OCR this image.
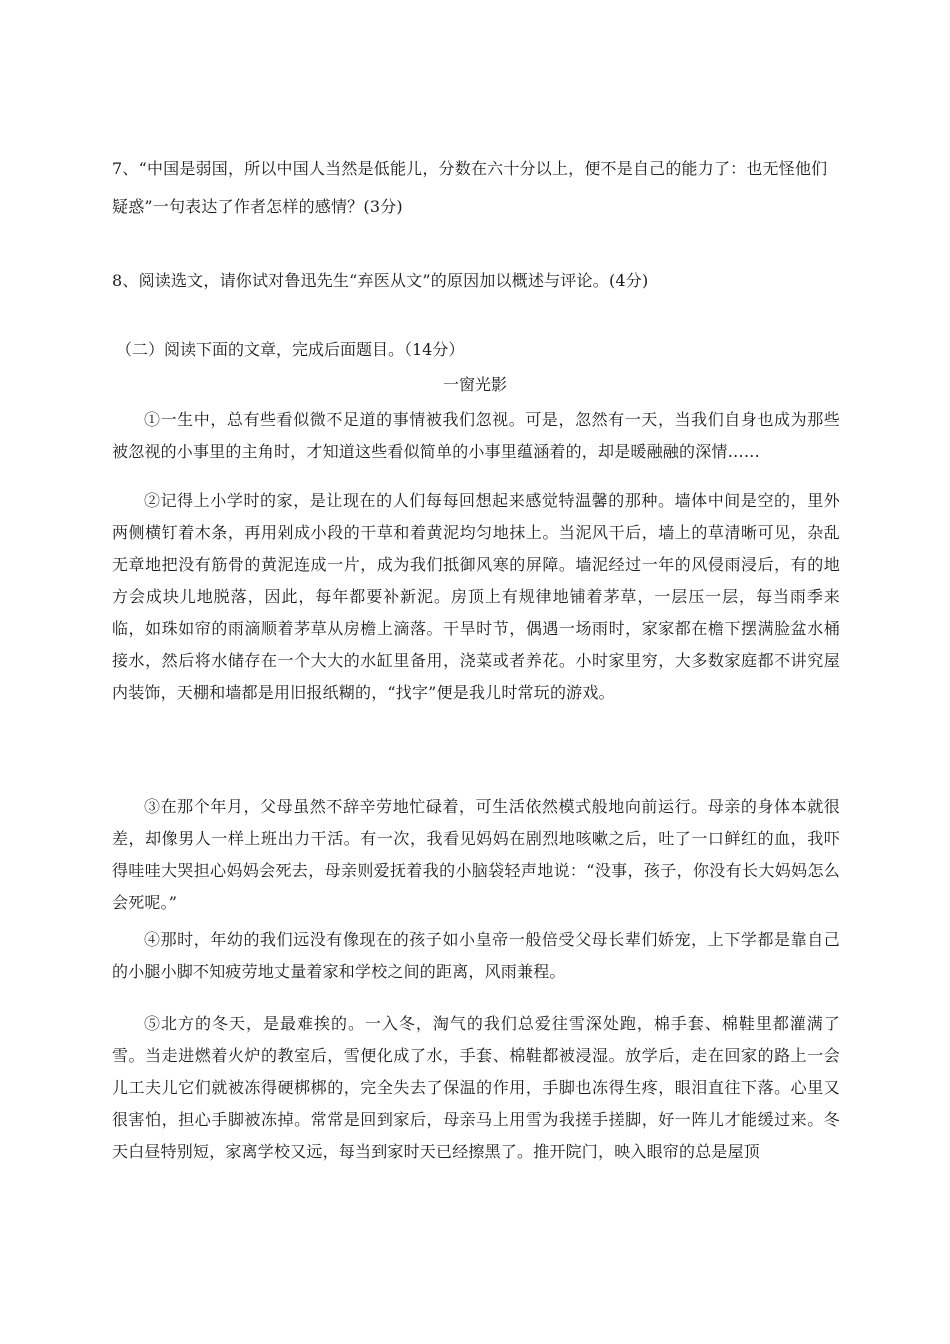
7、“中国是弱国，所以中国人当然是低能儿，分数在六十分以上，便不是自己的能力了：也无怪他们疑惑”一句表达了作者怎样的感情？(3分)

8、阅读选文，请你试对鲁迅先生“弃医从文”的原因加以概述与评论。(4分)

（二）阅读下面的文章，完成后面题目。（14分）

一窗光影

①一生中，总有些看似微不足道的事情被我们忽视。可是，忽然有一天，当我们自身也成为那些被忽视的小事里的主角时，才知道这些看似简单的小事里蕴涵着的，却是暖融融的深情……

②记得上小学时的家，是让现在的人们每每回想起来感觉特温馨的那种。墙体中间是空的，里外两侧横钉着木条，再用剁成小段的干草和着黄泥均匀地抹上。当泥风干后，墙上的草清晰可见，杂乱无章地把没有筋骨的黄泥连成一片，成为我们抵御风寒的屏障。墙泥经过一年的风侵雨浸后，有的地方会成块儿地脱落，因此，每年都要补新泥。房顶上有规律地铺着茅草，一层压一层，每当雨季来临，如珠如帘的雨滴顺着茅草从房檐上滴落。干旱时节，偶遇一场雨时，家家都在檐下摆满脸盆水桶接水，然后将水储存在一个大大的水缸里备用，浇菜或者养花。小时家里穷，大多数家庭都不讲究屋内装饰，天棚和墙都是用旧报纸糊的，“找字”便是我儿时常玩的游戏。

③在那个年月，父母虽然不辞辛劳地忙碌着，可生活依然模式般地向前运行。母亲的身体本就很差，却像男人一样上班出力干活。有一次，我看见妈妈在剧烈地咳嗽之后，吐了一口鲜红的血，我吓得哇哇大哭担心妈妈会死去，母亲则爱抚着我的小脑袋轻声地说：“没事，孩子，你没有长大妈妈怎么会死呢。”

④那时，年幼的我们远没有像现在的孩子如小皇帝一般倍受父母长辈们娇宠，上下学都是靠自己的小腿小脚不知疲劳地丈量着家和学校之间的距离，风雨兼程。

⑤北方的冬天，是最难挨的。一入冬，淘气的我们总爱往雪深处跑，棉手套、棉鞋里都灌满了雪。当走进燃着火炉的教室后，雪便化成了水，手套、棉鞋都被浸湿。放学后，走在回家的路上一会儿工夫儿它们就被冻得硬梆梆的，完全失去了保温的作用，手脚也冻得生疼，眼泪直往下落。心里又很害怕，担心手脚被冻掉。常常是回到家后，母亲马上用雪为我搓手搓脚，好一阵儿才能缓过来。冬天白昼特别短，家离学校又远，每当到家时天已经擦黑了。推开院门，映入眼帘的总是屋顶
